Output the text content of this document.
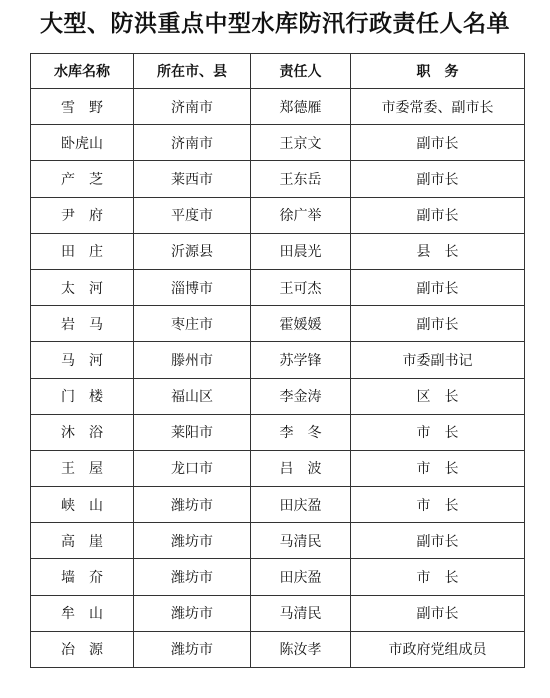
大型、防洪重点中型水库防汛行政责任人名单
水库名称	所在市、县	责任人	职　务
雪　野	济南市	郑德雁	市委常委、副市长
卧虎山	济南市	王京文	副市长
产　芝	莱西市	王东岳	副市长
尹　府	平度市	徐广举	副市长
田　庄	沂源县	田晨光	县　长
太　河	淄博市	王可杰	副市长
岩　马	枣庄市	霍媛媛	副市长
马　河	滕州市	苏学锋	市委副书记
门　楼	福山区	李金涛	区　长
沐　浴	莱阳市	李　冬	市　长
王　屋	龙口市	吕　波	市　长
峡　山	潍坊市	田庆盈	市　长
高　崖	潍坊市	马清民	副市长
墙　夼	潍坊市	田庆盈	市　长
牟　山	潍坊市	马清民	副市长
冶　源	潍坊市	陈汝孝	市政府党组成员
